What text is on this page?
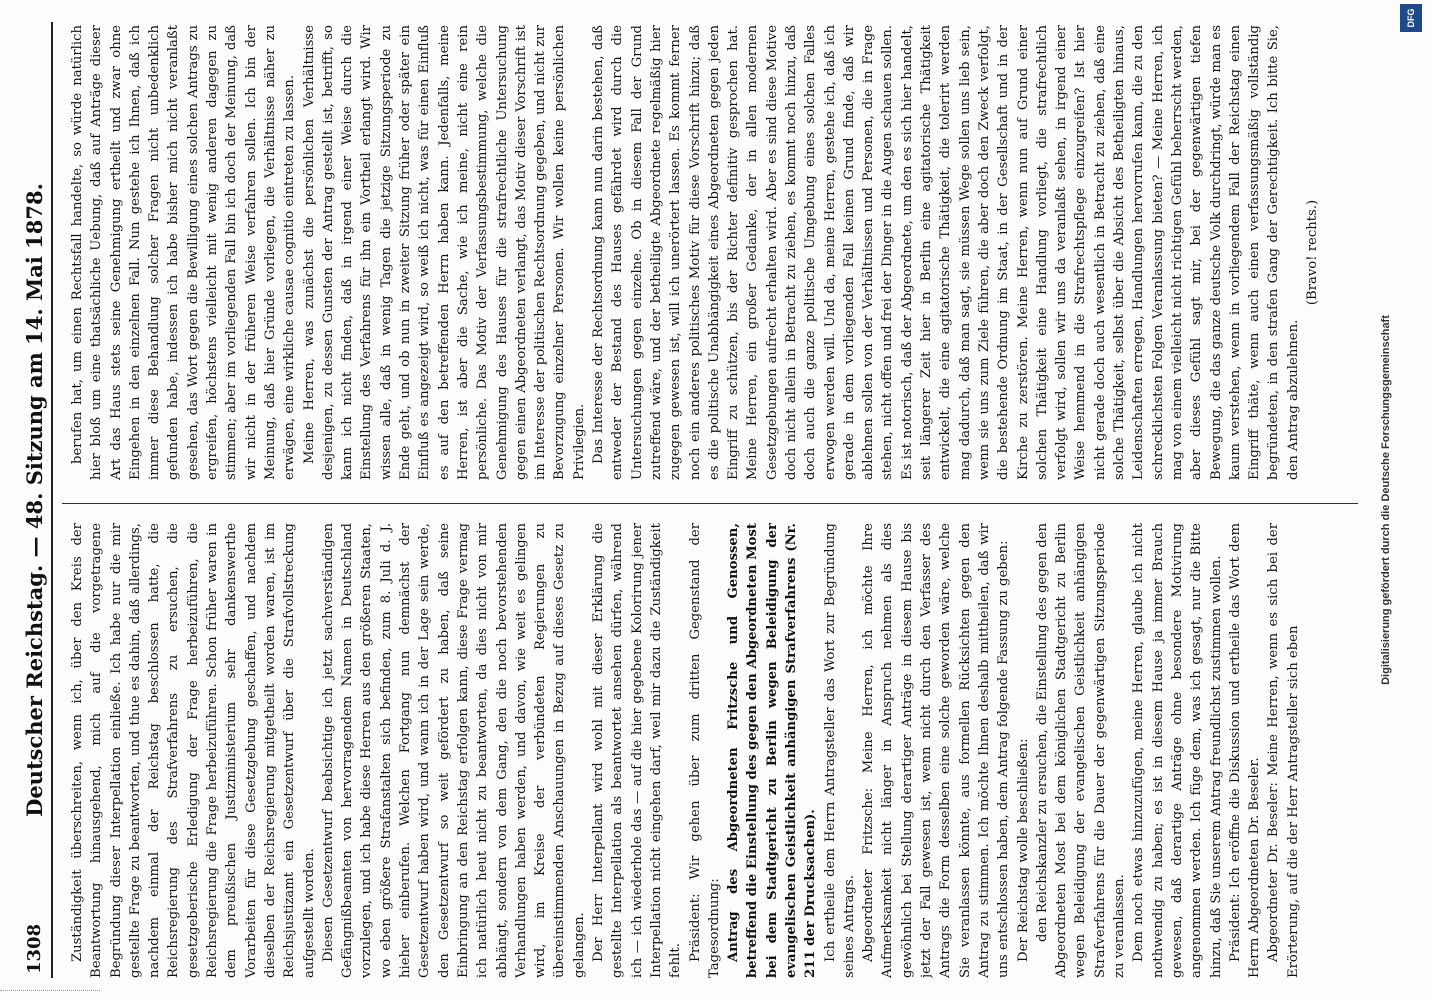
1308
Deutscher Reichstag. — 48. Sitzung am 14. Mai 1878. Zuständigkeit überschreiten, wenn ich, über den Kreis der Beantwortung hinausgehend, mich auf die vorgetragene Begründung dieser Interpellation einließe. Ich habe nur die mir gestellte Frage zu beantworten, und thue es dahin, daß allerdings, nachdem einmal der Reichstag beschlossen hatte, die Reichsregierung des Strafverfahrens zu ersuchen, die gesetzgeberische Erledigung der Frage herbeizuführen, die Reichsregierung die Frage herbeizuführen. Schon früher waren in dem preußischen Justizministerium sehr dankenswerthe Vorarbeiten für diese Gesetzgebung geschaffen, und nachdem dieselben der Reichsregierung mitgetheilt worden waren, ist im Reichsjustizamt ein Gesetzentwurf über die Strafvollstreckung aufgestellt worden. Diesen Gesetzentwurf beabsichtige ich jetzt sachverständigen Gefängnißbeamten von hervorragendem Namen in Deutschland vorzulegen, und ich habe diese Herren aus den größeren Staaten, wo eben größere Strafanstalten sich befinden, zum 8. Juli d. J. hieher einberufen. Welchen Fortgang nun demnächst der Gesetzentwurf haben wird, und wann ich in der Lage sein werde, den Gesetzentwurf so weit gefördert zu haben, daß seine Einbringung an den Reichstag erfolgen kann, diese Frage vermag ich natürlich heut nicht zu beantworten, da dies nicht von mir abhängt, sondern von dem Gang, den die noch bevorstehenden Verhandlungen haben werden, und davon, wie weit es gelingen wird, im Kreise der verbündeten Regierungen zu übereinstimmenden Anschauungen in Bezug auf dieses Gesetz zu gelangen. Der Herr Interpellant wird wohl mit dieser Erklärung die gestellte Interpellation als beantwortet ansehen dürfen, während ich — ich wiederhole das — auf die hier gegebene Kolorirung jener Interpellation nicht eingehen darf, weil mir dazu die Zuständigkeit fehlt. Präsident: Wir gehen über zum dritten Gegenstand der Tagesordnung: Antrag des Abgeordneten Fritzsche und Genossen, betreffend die Einstellung des gegen den Abgeordneten Most bei dem Stadtgericht zu Berlin wegen Beleidigung der evangelischen Geistlichkeit anhängigen Strafverfahrens (Nr. 211 der Drucksachen). Ich ertheile dem Herrn Antragsteller das Wort zur Begründung seines Antrags. Abgeordneter Fritzsche: Meine Herren, ich möchte Ihre Aufmerksamkeit nicht länger in Anspruch nehmen als dies gewöhnlich bei Stellung derartiger Anträge in diesem Hause bis jetzt der Fall gewesen ist, wenn nicht durch den Verfasser des Antrags die Form desselben eine solche geworden wäre, welche Sie veranlassen könnte, aus formellen Rücksichten gegen den Antrag zu stimmen. Ich möchte Ihnen deshalb mittheilen, daß wir uns entschlossen haben, dem Antrag folgende Fassung zu geben: Der Reichstag wolle beschließen: den Reichskanzler zu ersuchen, die Einstellung des gegen den Abgeordneten Most bei dem königlichen Stadtgericht zu Berlin wegen Beleidigung der evangelischen Geistlichkeit anhängigen Strafverfahrens für die Dauer der gegenwärtigen Sitzungsperiode zu veranlassen. Dem noch etwas hinzuzufügen, meine Herren, glaube ich nicht nothwendig zu haben; es ist in diesem Hause ja immer Brauch gewesen, daß derartige Anträge ohne besondere Motivirung angenommen werden. Ich füge dem, was ich gesagt, nur die Bitte hinzu, daß Sie unserem Antrag freundlichst zustimmen wollen. Präsident: Ich eröffne die Diskussion und ertheile das Wort dem Herrn Abgeordneten Dr. Beseler. Abgeordneter Dr. Beseler: Meine Herren, wenn es sich bei der Erörterung, auf die der Herr Antragsteller sich eben

berufen hat, um einen Rechtsfall handelte, so würde natürlich hier bloß um eine thatsächliche Uebung, daß auf Anträge dieser Art das Haus stets seine Genehmigung ertheilt und zwar ohne Eingehen in den einzelnen Fall. Nun gestehe ich Ihnen, daß ich immer diese Behandlung solcher Fragen nicht unbedenklich gefunden habe, indessen ich habe bisher mich nicht veranlaßt gesehen, das Wort gegen die Bewilligung eines solchen Antrags zu ergreifen, höchstens vielleicht mit wenig anderen dagegen zu stimmen; aber im vorliegenden Fall bin ich doch der Meinung, daß wir nicht in der früheren Weise verfahren sollen. Ich bin der Meinung, daß hier Gründe vorliegen, die Verhältnisse näher zu erwägen, eine wirkliche causae cognitio eintreten zu lassen. Meine Herren, was zunächst die persönlichen Verhältnisse desjenigen, zu dessen Gunsten der Antrag gestellt ist, betrifft, so kann ich nicht finden, daß in irgend einer Weise durch die Einstellung des Verfahrens für ihn ein Vortheil erlangt wird. Wir wissen alle, daß in wenig Tagen die jetzige Sitzungsperiode zu Ende geht, und ob nun in zweiter Sitzung früher oder später ein Einfluß es angezeigt wird, so weiß ich nicht, was für einen Einfluß es auf den betreffenden Herrn haben kann. Jedenfalls, meine Herren, ist aber die Sache, wie ich meine, nicht eine rein persönliche. Das Motiv der Verfassungsbestimmung, welche die Genehmigung des Hauses für die strafrechtliche Untersuchung gegen einen Abgeordneten verlangt, das Motiv dieser Vorschrift ist im Interesse der politischen Rechtsordnung gegeben, und nicht zur Bevorzugung einzelner Personen. Wir wollen keine persönlichen Privilegien. Das Interesse der Rechtsordnung kann nun darin bestehen, daß entweder der Bestand des Hauses gefährdet wird durch die Untersuchungen gegen einzelne. Ob in diesem Fall der Grund zutreffend wäre, und der betheiligte Abgeordnete regelmäßig hier zugegen gewesen ist, will ich unerörtert lassen. Es kommt ferner noch ein anderes politisches Motiv für diese Vorschrift hinzu; daß es die politische Unabhängigkeit eines Abgeordneten gegen jeden Eingriff zu schützen, bis der Richter definitiv gesprochen hat. Meine Herren, ein großer Gedanke, der in allen modernen Gesetzgebungen aufrecht erhalten wird. Aber es sind diese Motive doch nicht allein in Betracht zu ziehen, es kommt noch hinzu, daß doch auch die ganze politische Umgebung eines solchen Falles erwogen werden will. Und da, meine Herren, gestehe ich, daß ich gerade in dem vorliegenden Fall keinen Grund finde, daß wir ablehnen sollen von der Verhältnissen und Personen, die in Frage stehen, nicht offen und frei der Dinger in die Augen schauen sollen. Es ist notorisch, daß der Abgeordnete, um den es sich hier handelt, seit längerer Zeit hier in Berlin eine agitatorische Thätigkeit entwickelt, die eine agitatorische Thätigkeit, die tolerirt werden mag dadurch, daß man sagt, sie müssen Wege sollen uns lieb sein, wenn sie uns zum Ziele führen, die aber doch den Zweck verfolgt, die bestehende Ordnung im Staat, in der Gesellschaft und in der Kirche zu zerstören. Meine Herren, wenn nun auf Grund einer solchen Thätigkeit eine Handlung vorliegt, die strafrechtlich verfolgt wird, sollen wir uns da veranlaßt sehen, in irgend einer Weise hemmend in die Strafrechtspflege einzugreifen? Ist hier nicht gerade doch auch wesentlich in Betracht zu ziehen, daß eine solche Thätigkeit, selbst über die Absicht des Betheiligten hinaus, Leidenschaften erregen, Handlungen hervorrufen kann, die zu den schrecklichsten Folgen Veranlassung bieten? — Meine Herren, ich mag von einem vielleicht nicht richtigen Gefühl beherrscht werden, aber dieses Gefühl sagt mir, bei der gegenwärtigen tiefen Bewegung, die das ganze deutsche Volk durchdringt, würde man es kaum verstehen, wenn in vorliegendem Fall der Reichstag einen Eingriff thäte, wenn auch einen verfassungsmäßig vollständig begründeten, in den strafen Gang der Gerechtigkeit. Ich bitte Sie, den Antrag abzulehnen.

(Bravo! rechts.)

Digitalisierung gefördert durch die Deutsche Forschungsgemeinschaft
DFG
